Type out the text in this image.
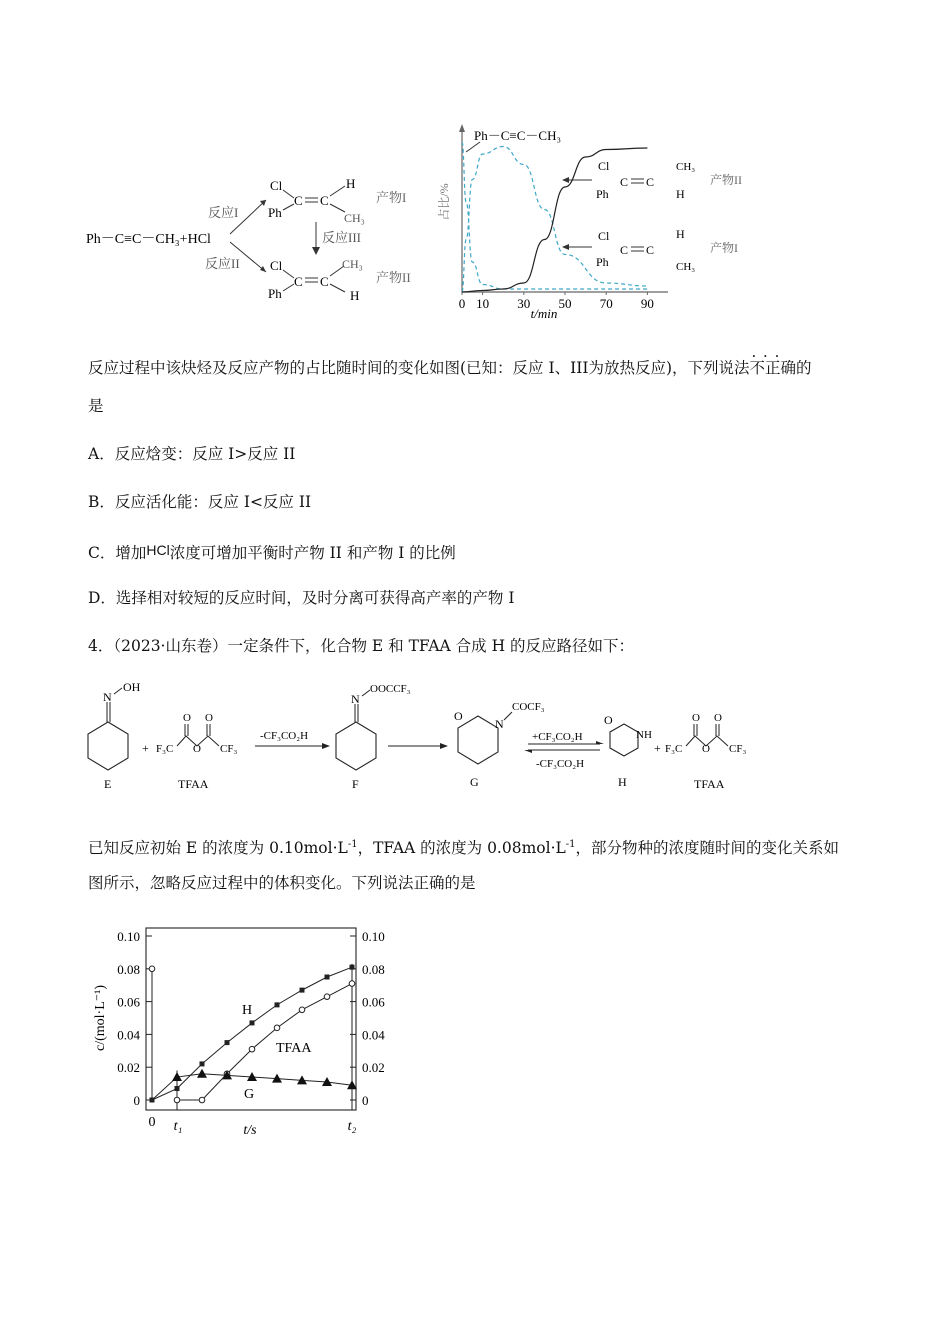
Ph－C≡C－CH₃+HCl
反应I
反应II
Cl
Ph
C C
H
CH₃
产物I
反应III
Cl
Ph
C C
CH₃
H
产物II
占比/%
t/min
0 10 30 50 70 90
Ph－C≡C－CH₃
Cl
Ph
C C
CH₃
H
产物II
Cl
Ph
C C
H
CH₃
产物I
反应过程中该炔烃及反应产物的占比随时间的变化如图(已知：反应 I、III为放热反应)，下列说法· · · 不正确的
是
A．反应焓变：反应 I>反应 II
B．反应活化能：反应 I<反应 II
C．增加HCl浓度可增加平衡时产物 II 和产物 I 的比例
D．选择相对较短的反应时间，及时分离可获得高产率的产物 I
4．（2023·山东卷）一定条件下，化合物 E 和 TFAA 合成 H 的反应路径如下：
N
OH
E
+ F₃C
O
O
O
CF₃
TFAA
-CF₃CO₂H
N
OOCCF₃
F
O
N
COCF₃
G
+CF₃CO₂H
-CF₃CO₂H
O
NH
H
+ F₃C
O
O
O
CF₃
TFAA
已知反应初始 E 的浓度为 $0.10mol\cdot L^{-1}$，TFAA 的浓度为 $0.08mol\cdot L^{-1}$，部分物种的浓度随时间的变化关系如
图所示，忽略反应过程中的体积变化。下列说法正确的是
0	0
0.02	0.02
0.04	0.04
0.06	0.06
0.08	0.08
0.10	0.10
c/(mol·L⁻¹)
0 t₁	t/s	t₂
H
TFAA
G
